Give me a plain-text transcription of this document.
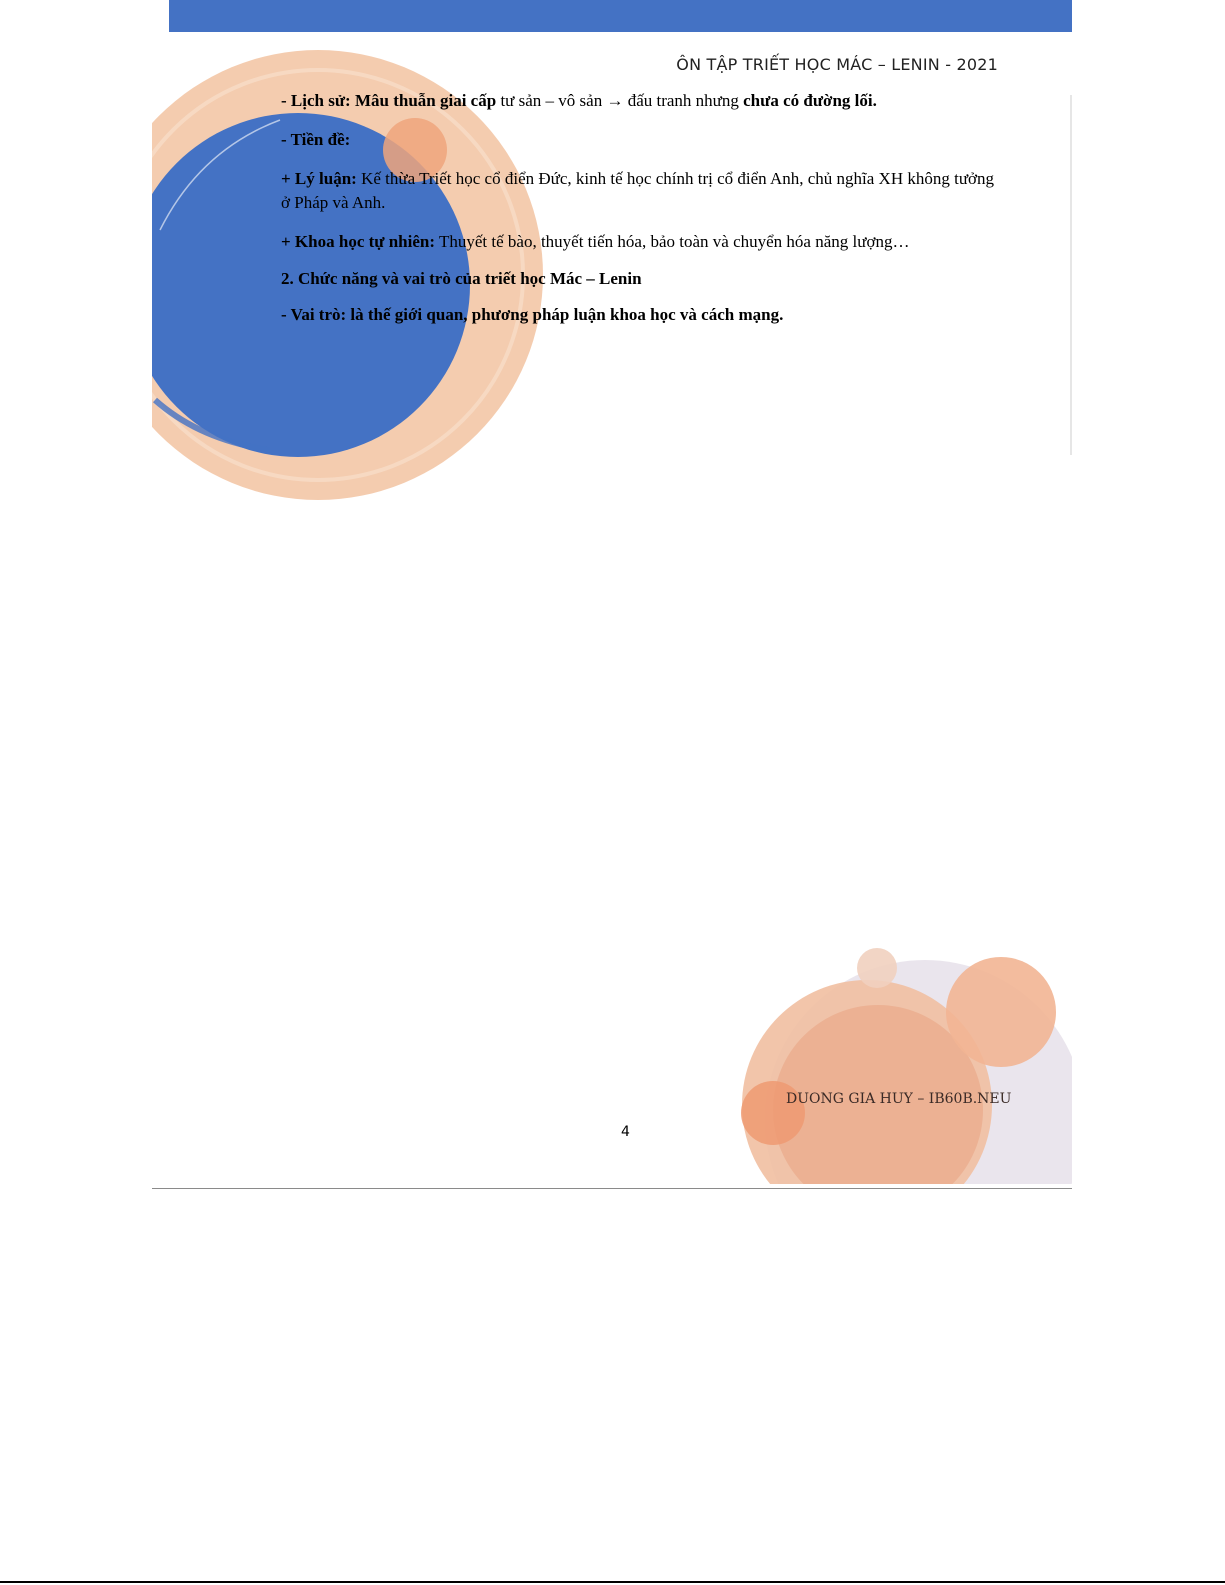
ÔN TẬP TRIẾT HỌC MÁC – LENIN - 2021
- Lịch sử: Mâu thuẫn giai cấp tư sản – vô sản → đấu tranh nhưng chưa có đường lối.
- Tiền đề:
+ Lý luận: Kế thừa Triết học cổ điển Đức, kinh tế học chính trị cổ điển Anh, chủ nghĩa XH không tưởng ở Pháp và Anh.
+ Khoa học tự nhiên: Thuyết tế bào, thuyết tiến hóa, bảo toàn và chuyển hóa năng lượng…
2. Chức năng và vai trò của triết học Mác – Lenin
- Vai trò: là thế giới quan, phương pháp luận khoa học và cách mạng.
DUONG GIA HUY – IB60B.NEU
4
